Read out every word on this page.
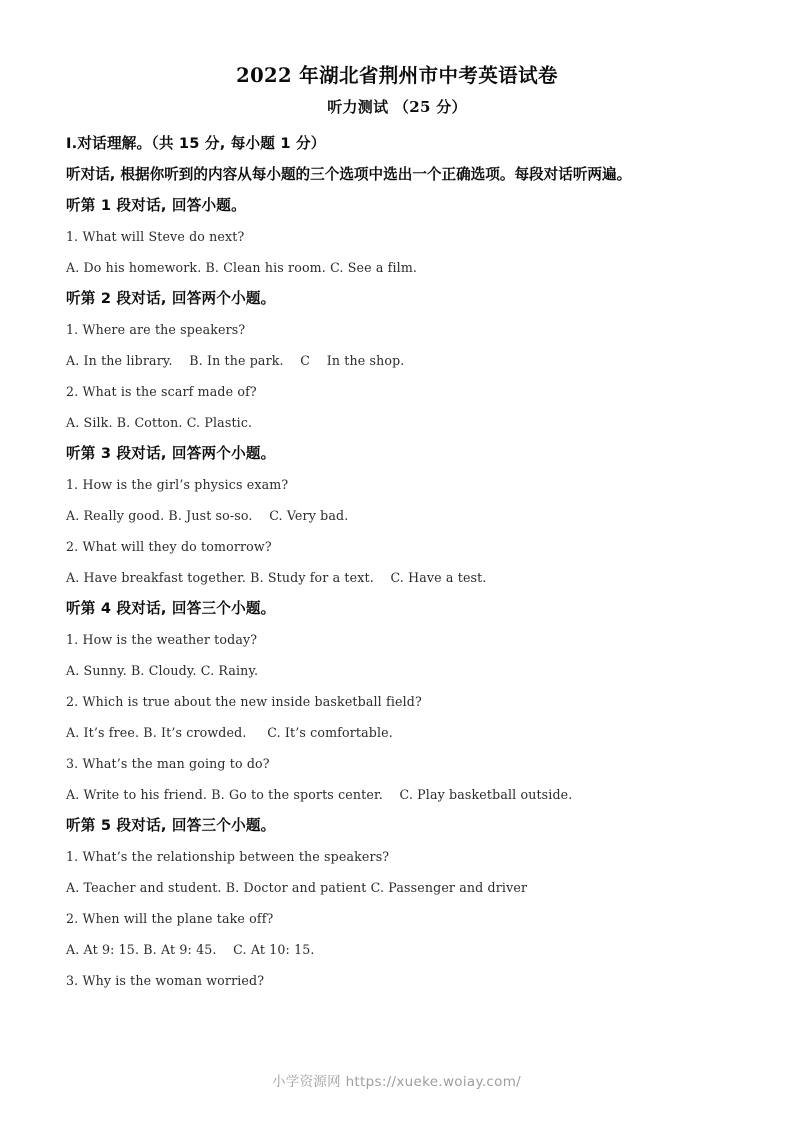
2022 年湖北省荆州市中考英语试卷
听力测试 （25 分）
Ⅰ.对话理解。（共 15 分, 每小题 1 分）
听对话, 根据你听到的内容从每小题的三个选项中选出一个正确选项。每段对话听两遍。
听第 1 段对话, 回答小题。
1. What will Steve do next?
A. Do his homework. B. Clean his room. C. See a film.
听第 2 段对话, 回答两个小题。
1. Where are the speakers?
A. In the library.    B. In the park.    C    In the shop.
2. What is the scarf made of?
A. Silk. B. Cotton. C. Plastic.
听第 3 段对话, 回答两个小题。
1. How is the girl’s physics exam?
A. Really good. B. Just so‑so.    C. Very bad.
2. What will they do tomorrow?
A. Have breakfast together. B. Study for a text.    C. Have a test.
听第 4 段对话, 回答三个小题。
1. How is the weather today?
A. Sunny. B. Cloudy. C. Rainy.
2. Which is true about the new inside basketball field?
A. It’s free. B. It’s crowded.     C. It’s comfortable.
3. What’s the man going to do?
A. Write to his friend. B. Go to the sports center.    C. Play basketball outside.
听第 5 段对话, 回答三个小题。
1. What’s the relationship between the speakers?
A. Teacher and student. B. Doctor and patient C. Passenger and driver
2. When will the plane take off?
A. At 9: 15. B. At 9: 45.    C. At 10: 15.
3. Why is the woman worried?
小学资源网 https://xueke.woiay.com/
